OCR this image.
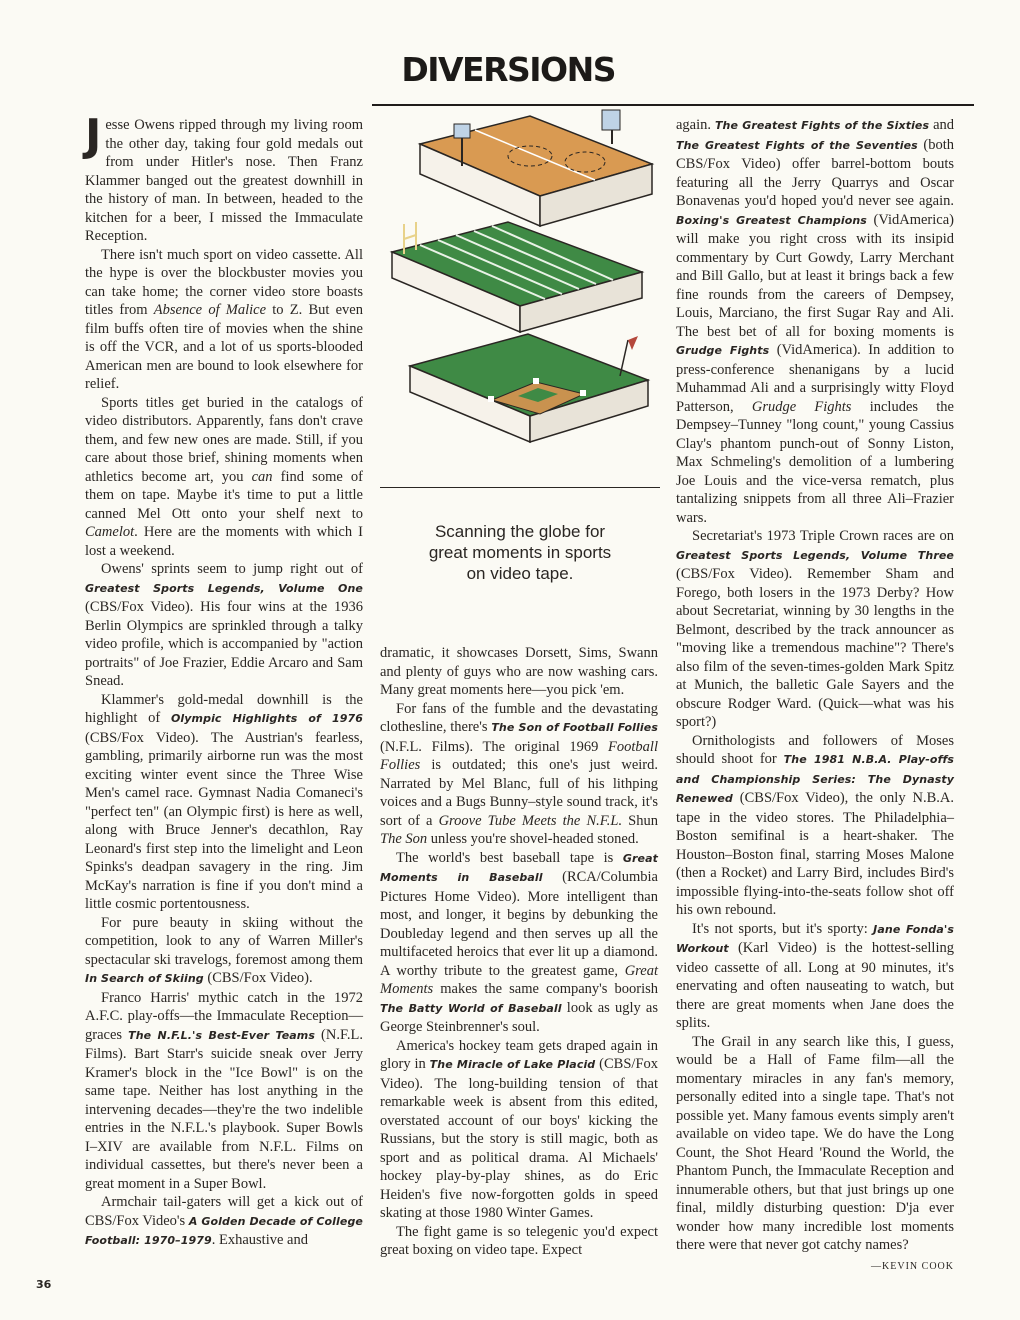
DIVERSIONS

Jesse Owens ripped through my living room the other day, taking four gold medals out from under Hitler's nose. Then Franz Klammer banged out the greatest downhill in the history of man. In between, headed to the kitchen for a beer, I missed the Immaculate Reception.

There isn't much sport on video cassette. All the hype is over the blockbuster movies you can take home; the corner video store boasts titles from Absence of Malice to Z. But even film buffs often tire of movies when the shine is off the VCR, and a lot of us sports-blooded American men are bound to look elsewhere for relief.

Sports titles get buried in the catalogs of video distributors. Apparently, fans don't crave them, and few new ones are made. Still, if you care about those brief, shining moments when athletics become art, you can find some of them on tape. Maybe it's time to put a little canned Mel Ott onto your shelf next to Camelot. Here are the moments with which I lost a weekend.

Owens' sprints seem to jump right out of Greatest Sports Legends, Volume One (CBS/Fox Video). His four wins at the 1936 Berlin Olympics are sprinkled through a talky video profile, which is accompanied by "action portraits" of Joe Frazier, Eddie Arcaro and Sam Snead.

Klammer's gold-medal downhill is the highlight of Olympic Highlights of 1976 (CBS/Fox Video). The Austrian's fearless, gambling, primarily airborne run was the most exciting winter event since the Three Wise Men's camel race. Gymnast Nadia Comaneci's "perfect ten" (an Olympic first) is here as well, along with Bruce Jenner's decathlon, Ray Leonard's first step into the limelight and Leon Spinks's deadpan savagery in the ring. Jim McKay's narration is fine if you don't mind a little cosmic portentousness.

For pure beauty in skiing without the competition, look to any of Warren Miller's spectacular ski travelogs, foremost among them In Search of Skiing (CBS/Fox Video).

Franco Harris' mythic catch in the 1972 A.F.C. play-offs—the Immaculate Reception—graces The N.F.L.'s Best-Ever Teams (N.F.L. Films). Bart Starr's suicide sneak over Jerry Kramer's block in the "Ice Bowl" is on the same tape. Neither has lost anything in the intervening decades—they're the two indelible entries in the N.F.L.'s playbook. Super Bowls I–XIV are available from N.F.L. Films on individual cassettes, but there's never been a great moment in a Super Bowl.

Armchair tail-gaters will get a kick out of CBS/Fox Video's A Golden Decade of College Football: 1970–1979. Exhaustive and

Scanning the globe for great moments in sports on video tape.

dramatic, it showcases Dorsett, Sims, Swann and plenty of guys who are now washing cars. Many great moments here—you pick 'em.

For fans of the fumble and the devastating clothesline, there's The Son of Football Follies (N.F.L. Films). The original 1969 Football Follies is outdated; this one's just weird. Narrated by Mel Blanc, full of his lithping voices and a Bugs Bunny–style sound track, it's sort of a Groove Tube Meets the N.F.L. Shun The Son unless you're shovel-headed stoned.

The world's best baseball tape is Great Moments in Baseball (RCA/Columbia Pictures Home Video). More intelligent than most, and longer, it begins by debunking the Doubleday legend and then serves up all the multifaceted heroics that ever lit up a diamond. A worthy tribute to the greatest game, Great Moments makes the same company's boorish The Batty World of Baseball look as ugly as George Steinbrenner's soul.

America's hockey team gets draped again in glory in The Miracle of Lake Placid (CBS/Fox Video). The long-building tension of that remarkable week is absent from this edited, overstated account of our boys' kicking the Russians, but the story is still magic, both as sport and as political drama. Al Michaels' hockey play-by-play shines, as do Eric Heiden's five now-forgotten golds in speed skating at those 1980 Winter Games.

The fight game is so telegenic you'd expect great boxing on video tape. Expect

again. The Greatest Fights of the Sixties and The Greatest Fights of the Seventies (both CBS/Fox Video) offer barrel-bottom bouts featuring all the Jerry Quarrys and Oscar Bonavenas you'd hoped you'd never see again. Boxing's Greatest Champions (VidAmerica) will make you right cross with its insipid commentary by Curt Gowdy, Larry Merchant and Bill Gallo, but at least it brings back a few fine rounds from the careers of Dempsey, Louis, Marciano, the first Sugar Ray and Ali. The best bet of all for boxing moments is Grudge Fights (VidAmerica). In addition to press-conference shenanigans by a lucid Muhammad Ali and a surprisingly witty Floyd Patterson, Grudge Fights includes the Dempsey–Tunney "long count," young Cassius Clay's phantom punch-out of Sonny Liston, Max Schmeling's demolition of a lumbering Joe Louis and the vice-versa rematch, plus tantalizing snippets from all three Ali–Frazier wars.

Secretariat's 1973 Triple Crown races are on Greatest Sports Legends, Volume Three (CBS/Fox Video). Remember Sham and Forego, both losers in the 1973 Derby? How about Secretariat, winning by 30 lengths in the Belmont, described by the track announcer as "moving like a tremendous machine"? There's also film of the seven-times-golden Mark Spitz at Munich, the balletic Gale Sayers and the obscure Rodger Ward. (Quick—what was his sport?)

Ornithologists and followers of Moses should shoot for The 1981 N.B.A. Play-offs and Championship Series: The Dynasty Renewed (CBS/Fox Video), the only N.B.A. tape in the video stores. The Philadelphia–Boston semifinal is a heart-shaker. The Houston–Boston final, starring Moses Malone (then a Rocket) and Larry Bird, includes Bird's impossible flying-into-the-seats follow shot off his own rebound.

It's not sports, but it's sporty: Jane Fonda's Workout (Karl Video) is the hottest-selling video cassette of all. Long at 90 minutes, it's enervating and often nauseating to watch, but there are great moments when Jane does the splits.

The Grail in any search like this, I guess, would be a Hall of Fame film—all the momentary miracles in any fan's memory, personally edited into a single tape. That's not possible yet. Many famous events simply aren't available on video tape. We do have the Long Count, the Shot Heard 'Round the World, the Phantom Punch, the Immaculate Reception and innumerable others, but that just brings up one final, mildly disturbing question: D'ja ever wonder how many incredible lost moments there were that never got catchy names?
—KEVIN COOK

36
